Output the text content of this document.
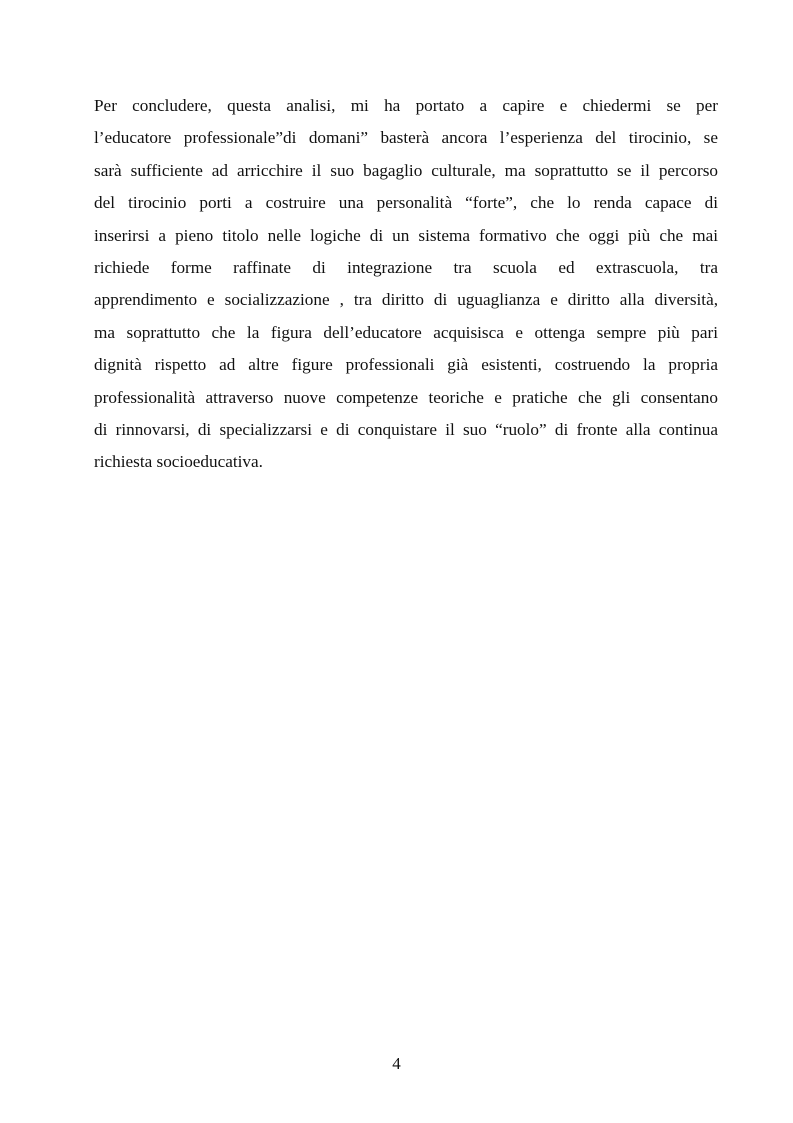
Per concludere, questa analisi, mi ha portato a capire e chiedermi se per
l’educatore professionale”di domani” basterà ancora l’esperienza del tirocinio, se
sarà sufficiente ad arricchire il suo bagaglio culturale, ma soprattutto se il percorso
del tirocinio porti a costruire una personalità “forte”, che lo renda capace di
inserirsi a pieno titolo nelle logiche di un sistema formativo che oggi più che mai
richiede forme raffinate di integrazione tra scuola ed extrascuola, tra
apprendimento e socializzazione , tra diritto di uguaglianza e diritto alla diversità,
ma soprattutto che la figura dell’educatore acquisisca e ottenga sempre più pari
dignità rispetto ad altre figure professionali già esistenti, costruendo la propria
professionalità attraverso nuove competenze teoriche e pratiche che gli consentano
di rinnovarsi, di specializzarsi e di conquistare il suo “ruolo” di fronte alla continua
richiesta socioeducativa.

4
